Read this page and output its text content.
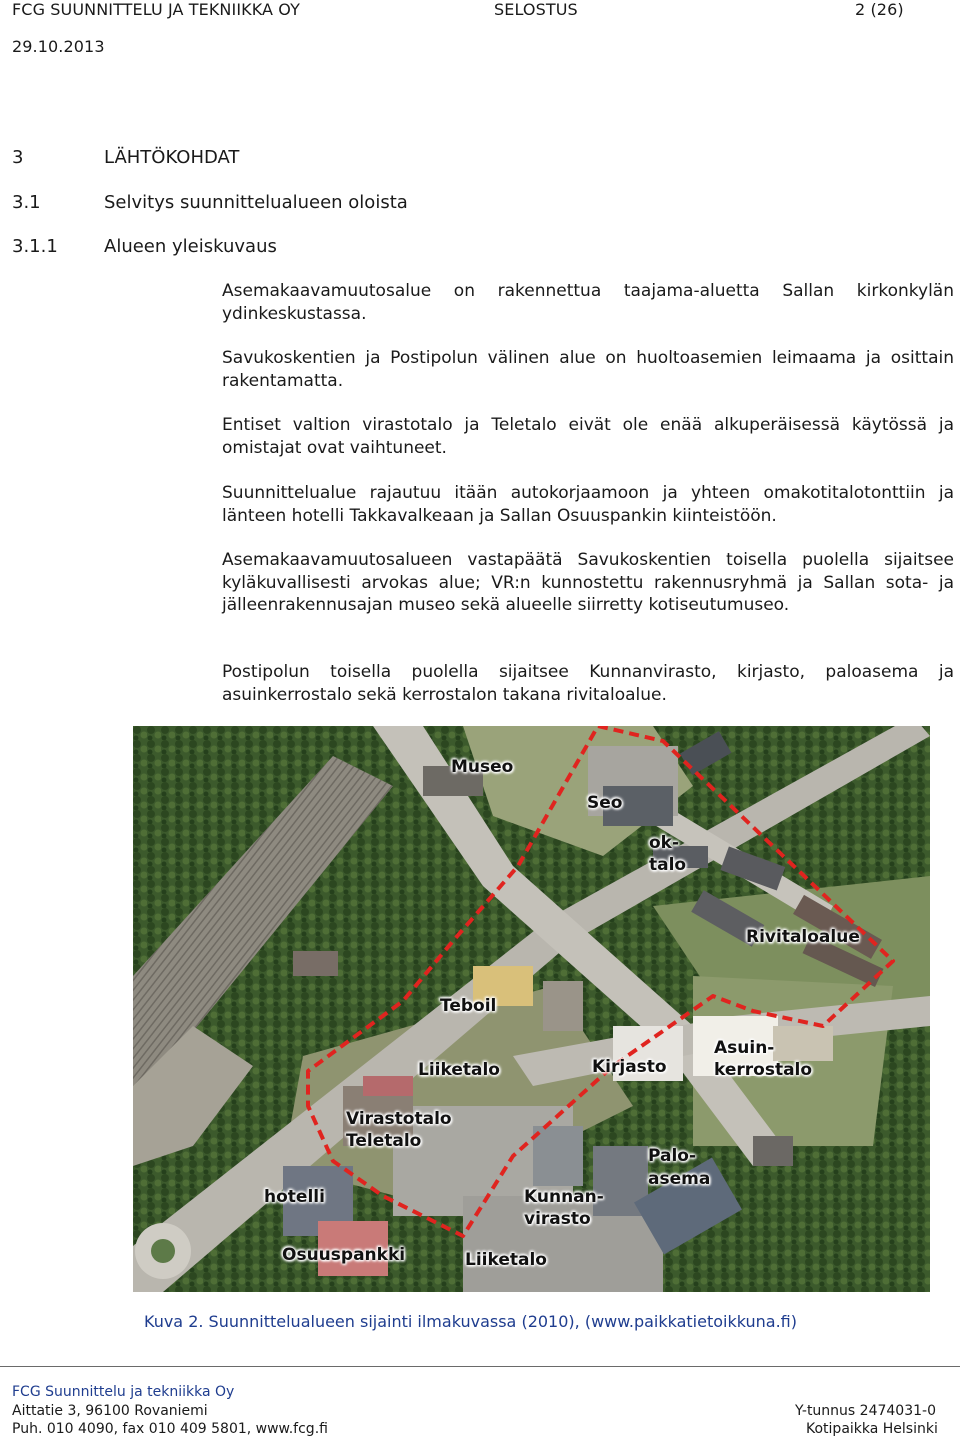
FCG SUUNNITTELU JA TEKNIIKKA OY	SELOSTUS	2 (26)
29.10.2013
3	LÄHTÖKOHDAT
3.1	Selvitys suunnittelualueen oloista
3.1.1	Alueen yleiskuvaus

Asemakaavamuutosalue on rakennettua taajama-aluetta Sallan kirkonkylän ydinkeskustassa.

Savukoskentien ja Postipolun välinen alue on huoltoasemien leimaama ja osittain rakentamatta.

Entiset valtion virastotalo ja Teletalo eivät ole enää alkuperäisessä käytössä ja omistajat ovat vaihtuneet.

Suunnittelualue rajautuu itään autokorjaamoon ja yhteen omakotitalotonttiin ja länteen hotelli Takkavalkeaan ja Sallan Osuuspankin kiinteistöön.

Asemakaavamuutosalueen vastapäätä Savukoskentien toisella puolella sijaitsee kyläkuvallisesti arvokas alue; VR:n kunnostettu rakennusryhmä ja Sallan sota- ja jälleenrakennusajan museo sekä alueelle siirretty kotiseutumuseo.

Postipolun toisella puolella sijaitsee Kunnanvirasto, kirjasto, paloasema ja asuinkerrostalo sekä kerrostalon takana rivitaloalue.

Museo
Seo
ok-
talo
Rivitaloalue
Teboil
Liiketalo	Kirjasto
Asuin-
kerrostalo
Virastotalo
Teletalo
Palo-
asema
hotelli	Kunnan-
virasto
Osuuspankki	Liiketalo
Kuva 2. Suunnittelualueen sijainti ilmakuvassa (2010), (www.paikkatietoikkuna.fi)
FCG Suunnittelu ja tekniikka Oy
Aittatie 3, 96100 Rovaniemi
Puh. 010 4090, fax 010 409 5801, www.fcg.fi
Y-tunnus 2474031-0
Kotipaikka Helsinki
